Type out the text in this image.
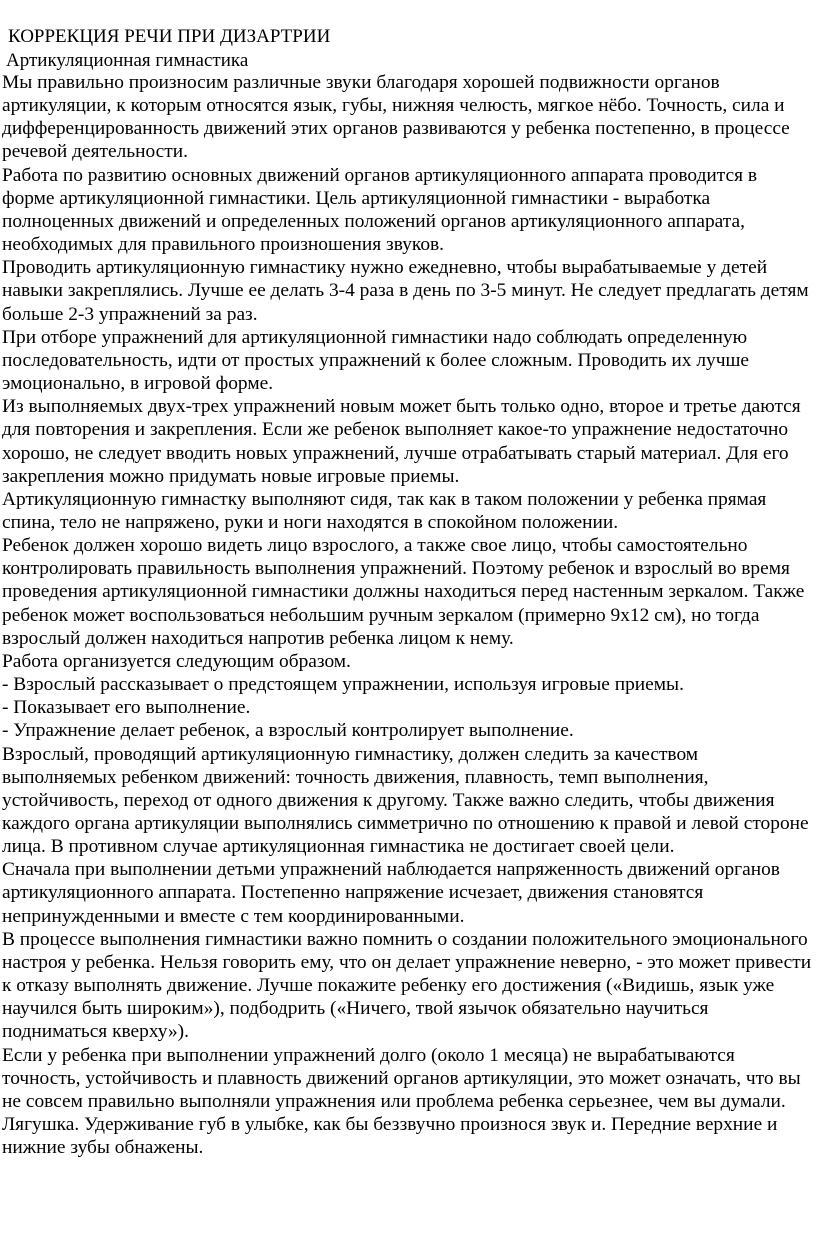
КОРРЕКЦИЯ РЕЧИ ПРИ ДИЗАРТРИИ
Артикуляционная гимнастика

Мы правильно произносим различные звуки благодаря хорошей подвижности органов артикуляции, к которым относятся язык, губы, нижняя челюсть, мягкое нёбо. Точность, сила и дифференцированность движений этих органов развиваются у ребенка постепенно, в процессе речевой деятельности.

Работа по развитию основных движений органов артикуляционного аппарата проводится в форме артикуляционной гимнастики. Цель артикуляционной гимнастики - выработка полноценных движений и определенных положений органов артикуляционного аппарата, необходимых для правильного произношения звуков.

Проводить артикуляционную гимнастику нужно ежедневно, чтобы вырабатываемые у детей навыки закреплялись. Лучше ее делать 3-4 раза в день по 3-5 минут. Не следует предлагать детям больше 2-3 упражнений за раз.

При отборе упражнений для артикуляционной гимнастики надо соблюдать определенную последовательность, идти от простых упражнений к более сложным. Проводить их лучше эмоционально, в игровой форме.

Из выполняемых двух-трех упражнений новым может быть только одно, второе и третье даются для повторения и закрепления. Если же ребенок выполняет какое-то упражнение недостаточно хорошо, не следует вводить новых упражнений, лучше отрабатывать старый материал. Для его закрепления можно придумать новые игровые приемы.

Артикуляционную гимнастку выполняют сидя, так как в таком положении у ребенка прямая спина, тело не напряжено, руки и ноги находятся в спокойном положении.

Ребенок должен хорошо видеть лицо взрослого, а также свое лицо, чтобы самостоятельно контролировать правильность выполнения упражнений. Поэтому ребенок и взрослый во время проведения артикуляционной гимнастики должны находиться перед настенным зеркалом. Также ребенок может воспользоваться небольшим ручным зеркалом (примерно 9х12 см), но тогда взрослый должен находиться напротив ребенка лицом к нему.

Работа организуется следующим образом.

- Взрослый рассказывает о предстоящем упражнении, используя игровые приемы.

- Показывает его выполнение.

- Упражнение делает ребенок, а взрослый контролирует выполнение.

Взрослый, проводящий артикуляционную гимнастику, должен следить за качеством выполняемых ребенком движений: точность движения, плавность, темп выполнения, устойчивость, переход от одного движения к другому. Также важно следить, чтобы движения каждого органа артикуляции выполнялись симметрично по отношению к правой и левой стороне лица. В противном случае артикуляционная гимнастика не достигает своей цели.

Сначала при выполнении детьми упражнений наблюдается напряженность движений органов артикуляционного аппарата. Постепенно напряжение исчезает, движения становятся непринужденными и вместе с тем координированными.

В процессе выполнения гимнастики важно помнить о создании положительного эмоционального настроя у ребенка. Нельзя говорить ему, что он делает упражнение неверно, - это может привести к отказу выполнять движение. Лучше покажите ребенку его достижения («Видишь, язык уже научился быть широким»), подбодрить («Ничего, твой язычок обязательно научиться подниматься кверху»).

Если у ребенка при выполнении упражнений долго (около 1 месяца) не вырабатываются точность, устойчивость и плавность движений органов артикуляции, это может означать, что вы не совсем правильно выполняли упражнения или проблема ребенка серьезнее, чем вы думали.

Лягушка. Удерживание губ в улыбке, как бы беззвучно произнося звук и. Передние верхние и нижние зубы обнажены.
